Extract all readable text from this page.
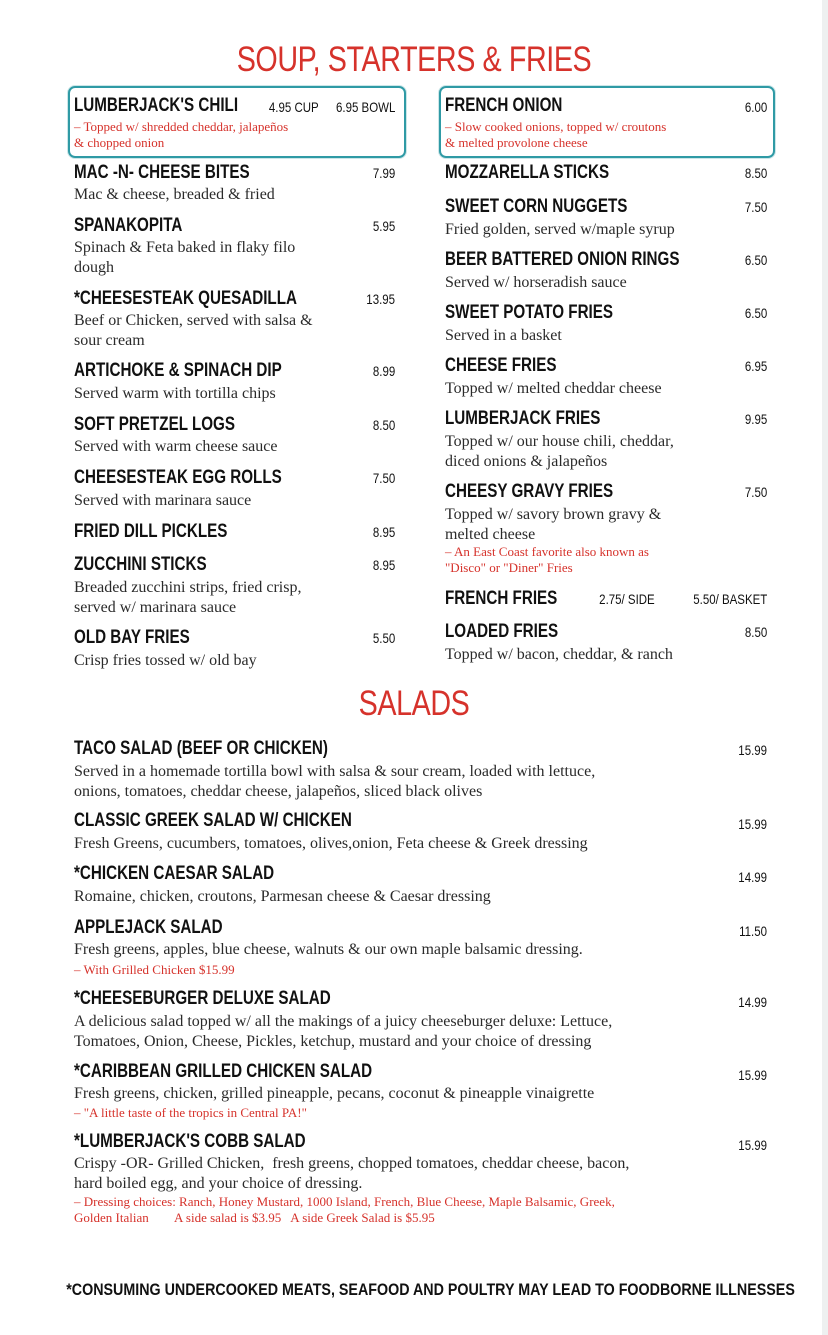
SOUP, STARTERS & FRIES
LUMBERJACK'S CHILI 4.95 CUP 6.95 BOWL
– Topped w/ shredded cheddar, jalapeños
& chopped onion
MAC -N- CHEESE BITES	7.99
Mac & cheese, breaded & fried
SPANAKOPITA	5.95
Spinach & Feta baked in flaky filo
dough
*CHEESESTEAK QUESADILLA	13.95
Beef or Chicken, served with salsa &
sour cream
ARTICHOKE & SPINACH DIP	8.99
Served warm with tortilla chips
SOFT PRETZEL LOGS	8.50
Served with warm cheese sauce
CHEESESTEAK EGG ROLLS	7.50
Served with marinara sauce
FRIED DILL PICKLES	8.95
ZUCCHINI STICKS	8.95
Breaded zucchini strips, fried crisp,
served w/ marinara sauce
OLD BAY FRIES	5.50
Crisp fries tossed w/ old bay
FRENCH ONION	6.00
– Slow cooked onions, topped w/ croutons
& melted provolone cheese
MOZZARELLA STICKS	8.50
SWEET CORN NUGGETS	7.50
Fried golden, served w/maple syrup
BEER BATTERED ONION RINGS	6.50
Served w/ horseradish sauce
SWEET POTATO FRIES	6.50
Served in a basket
CHEESE FRIES	6.95
Topped w/ melted cheddar cheese
LUMBERJACK FRIES	9.95
Topped w/ our house chili, cheddar,
diced onions & jalapeños
CHEESY GRAVY FRIES	7.50
Topped w/ savory brown gravy &
melted cheese
– An East Coast favorite also known as
"Disco" or "Diner" Fries
FRENCH FRIES	2.75/ SIDE	5.50/ BASKET
LOADED FRIES	8.50
Topped w/ bacon, cheddar, & ranch
SALADS
TACO SALAD (BEEF OR CHICKEN)	15.99
Served in a homemade tortilla bowl with salsa & sour cream, loaded with lettuce,
onions, tomatoes, cheddar cheese, jalapeños, sliced black olives
CLASSIC GREEK SALAD W/ CHICKEN	15.99
Fresh Greens, cucumbers, tomatoes, olives,onion, Feta cheese & Greek dressing
*CHICKEN CAESAR SALAD	14.99
Romaine, chicken, croutons, Parmesan cheese & Caesar dressing
APPLEJACK SALAD	11.50
Fresh greens, apples, blue cheese, walnuts & our own maple balsamic dressing.
– With Grilled Chicken $15.99
*CHEESEBURGER DELUXE SALAD	14.99
A delicious salad topped w/ all the makings of a juicy cheeseburger deluxe: Lettuce,
Tomatoes, Onion, Cheese, Pickles, ketchup, mustard and your choice of dressing
*CARIBBEAN GRILLED CHICKEN SALAD	15.99
Fresh greens, chicken, grilled pineapple, pecans, coconut & pineapple vinaigrette
– "A little taste of the tropics in Central PA!"
*LUMBERJACK'S COBB SALAD	15.99
Crispy -OR- Grilled Chicken,  fresh greens, chopped tomatoes, cheddar cheese, bacon,
hard boiled egg, and your choice of dressing.
– Dressing choices: Ranch, Honey Mustard, 1000 Island, French, Blue Cheese, Maple Balsamic, Greek,
Golden Italian        A side salad is $3.95   A side Greek Salad is $5.95
*CONSUMING UNDERCOOKED MEATS, SEAFOOD AND POULTRY MAY LEAD TO FOODBORNE ILLNESSES
